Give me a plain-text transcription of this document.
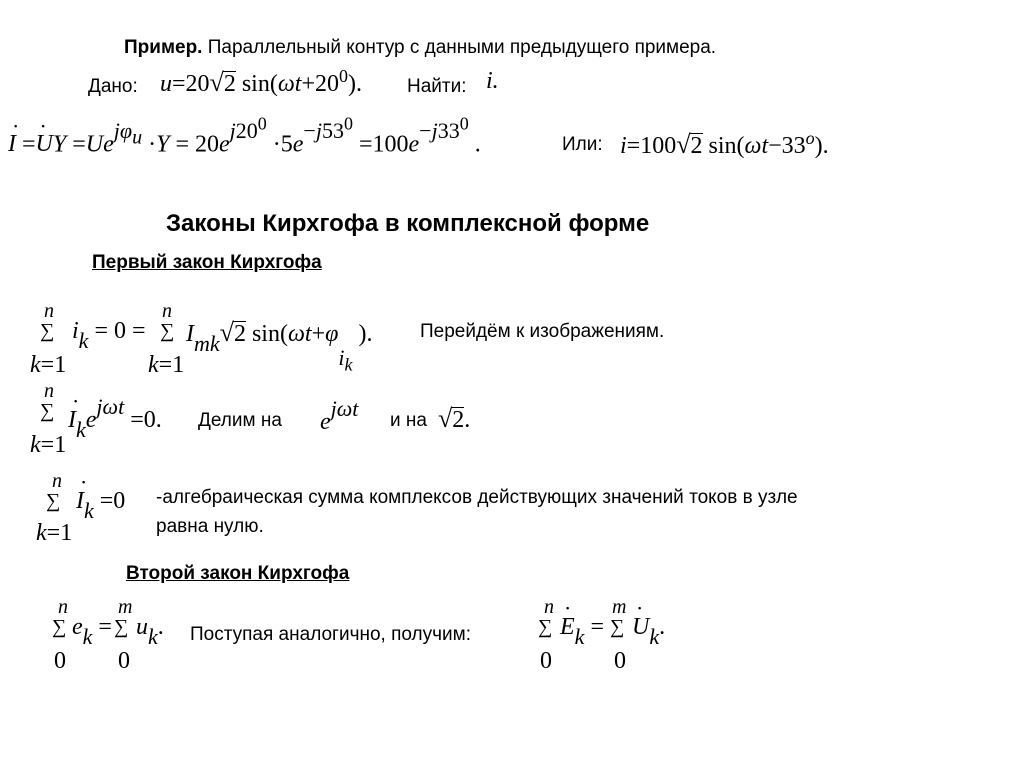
Пример. Параллельный контур с данными предыдущего примера.
Дано: u=20√2 $\sin(\omega t+20^0)$. Найти: i.
˙ I =˙ UY $=Ue^{j\varphi_u} \cdot Y = 20e^{j20^0} \cdot 5e^{-j53^0} =100e^{-j33^0}$ .	Или: i=100√2 $\sin(\omega t-33^o)$.
Законы Кирхгофа в комплексной форме
Первый закон Кирхгофа
n
∑
k=1
$i_k = 0$ =
n
∑
k=1
$I_{mk}√2$ $\sin(\omega t+\varphi_{i_k}$ ). Перейдём к изображениям.
n
∑
k=1
˙ $I_ke^{j\omega t} =0$. Делим на $e^{j\omega t}$ и на √2.
n
∑
k=1
˙ $I_k =0$ -алгебраическая сумма комплексов действующих значений токов в узле
равна нулю.
Второй закон Кирхгофа
n
∑
0
$e_k$ =
m
∑
0
$u_k$. Поступая аналогично, получим:
n
∑
0
˙ $E_k$ =
m
∑
0
˙ $U_k$.
